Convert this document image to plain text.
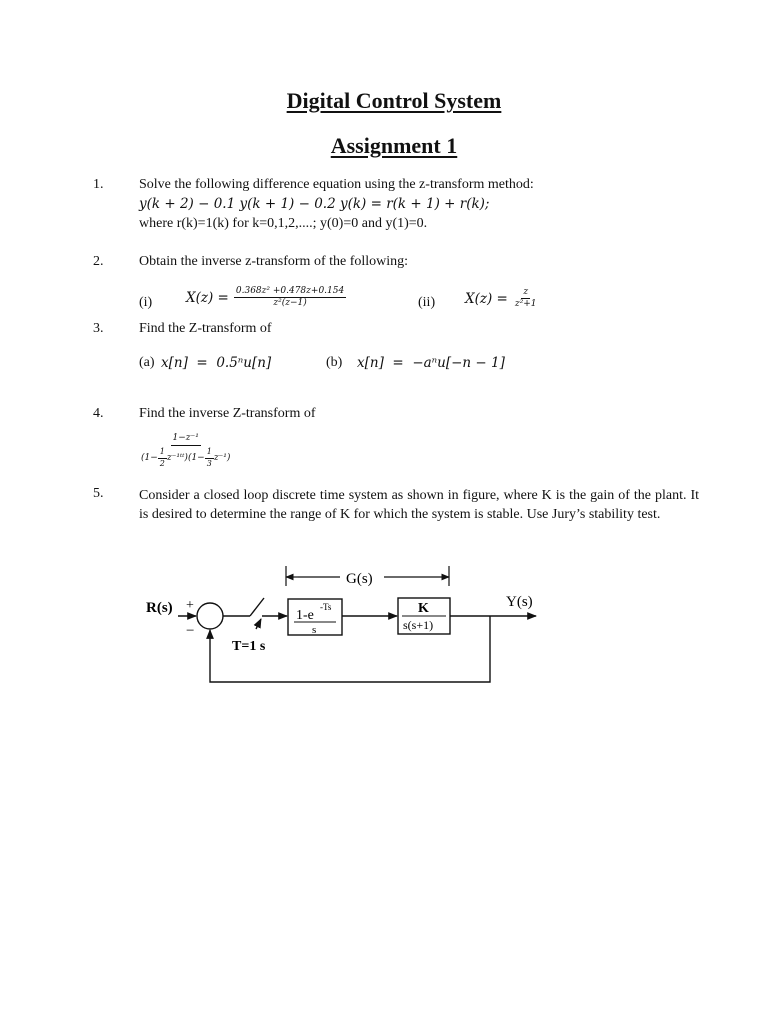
Digital Control System
Assignment 1
1.	Solve the following difference equation using the z-transform method:
y(k + 2) − 0.1 y(k + 1) − 0.2 y(k) = r(k + 1) + r(k);
where r(k)=1(k) for k=0,1,2,....; y(0)=0 and y(1)=0.
2.	Obtain the inverse z-transform of the following:
(i)	$X(z) = \frac{\text{0.368z² +0.478z+0.154}}{\text{z²(z−1)}}$	(ii) $X(z) = \frac{z}{\text{z²+1}}$
3.	Find the Z-transform of
(a) x[n]  =  0.5ⁿu[n]	(b) x[n]  =  −aⁿu[−n − 1]
4.	Find the inverse Z-transform of
1−z⁻¹
($1- \frac{1}{2}$ z⁻¹ᵗᵗ) $(1- \frac{1}{3} z^{-1})$
5.	Consider a closed loop discrete time system as shown in figure, where K is the gain of the plant. It is desired to determine the range of K for which the system is stable. Use Jury’s stability test.
R(s) +
−
T=1 s
G(s)
1-e
-Ts
s
K
s(s+1)
Y(s)
